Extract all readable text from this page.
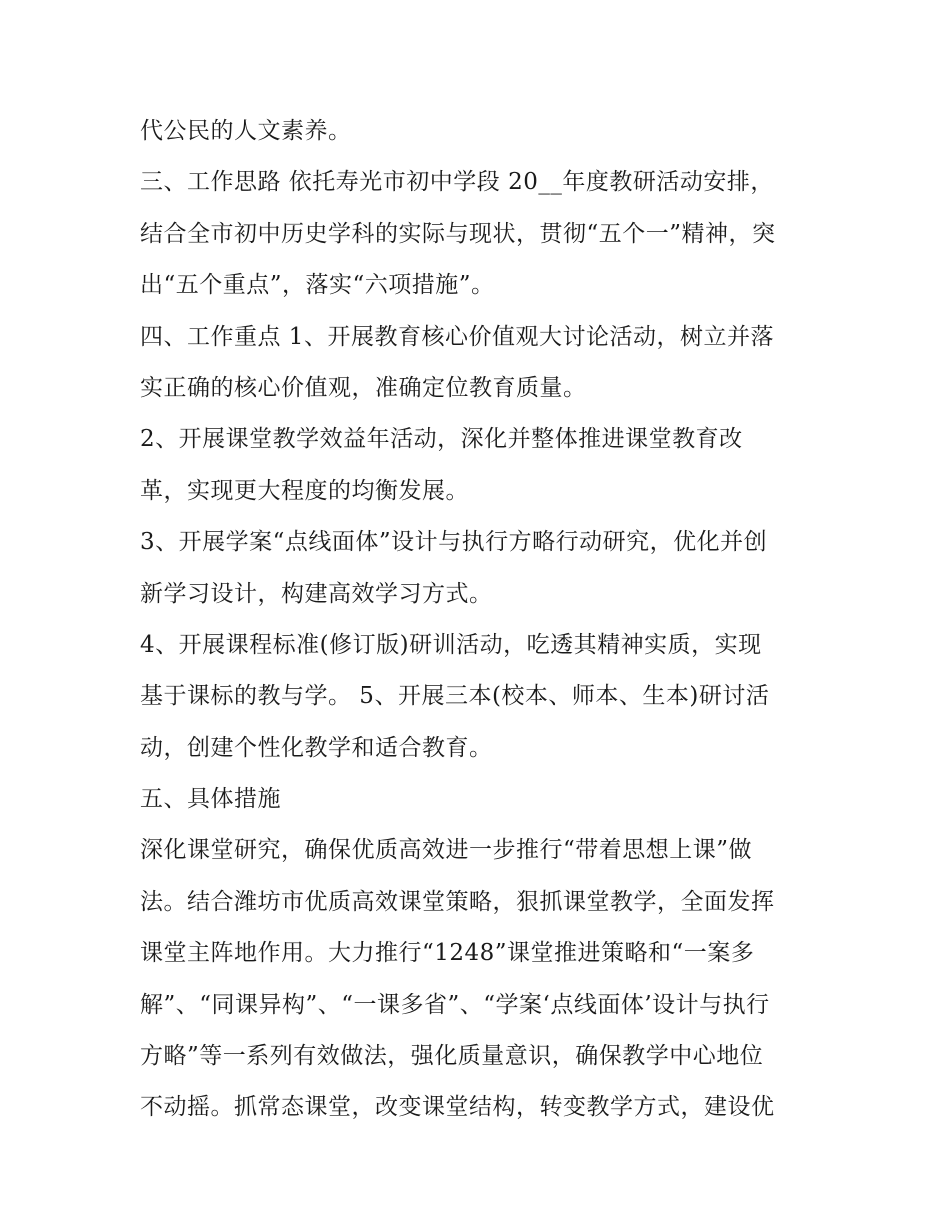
代公民的人文素养。
三、工作思路 依托寿光市初中学段 20__年度教研活动安排，
结合全市初中历史学科的实际与现状，贯彻“五个一”精神，突
出“五个重点”，落实“六项措施”。
四、工作重点 1、开展教育核心价值观大讨论活动，树立并落
实正确的核心价值观，准确定位教育质量。
2、开展课堂教学效益年活动，深化并整体推进课堂教育改
革，实现更大程度的均衡发展。
3、开展学案“点线面体”设计与执行方略行动研究，优化并创
新学习设计，构建高效学习方式。
4、开展课程标准(修订版)研训活动，吃透其精神实质，实现
基于课标的教与学。 5、开展三本(校本、师本、生本)研讨活
动，创建个性化教学和适合教育。
五、具体措施
深化课堂研究，确保优质高效进一步推行“带着思想上课”做
法。结合潍坊市优质高效课堂策略，狠抓课堂教学，全面发挥
课堂主阵地作用。大力推行“1248”课堂推进策略和“一案多
解”、“同课异构”、“一课多省”、“学案‘点线面体’设计与执行
方略”等一系列有效做法，强化质量意识，确保教学中心地位
不动摇。抓常态课堂，改变课堂结构，转变教学方式，建设优
